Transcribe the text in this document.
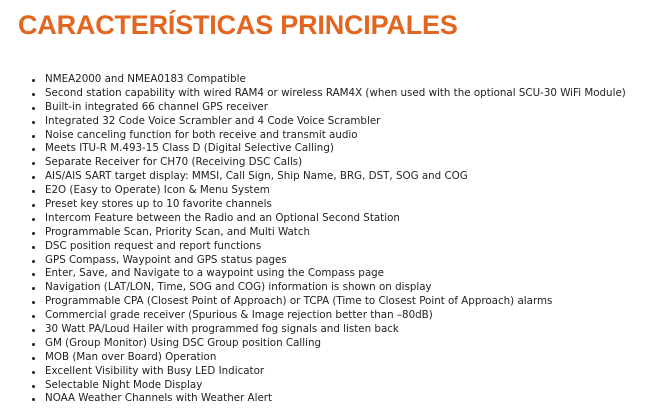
CARACTERÍSTICAS PRINCIPALES
NMEA2000 and NMEA0183 Compatible
Second station capability with wired RAM4 or wireless RAM4X (when used with the optional SCU-30 WiFi Module)
Built-in integrated 66 channel GPS receiver
Integrated 32 Code Voice Scrambler and 4 Code Voice Scrambler
Noise canceling function for both receive and transmit audio
Meets ITU-R M.493-15 Class D (Digital Selective Calling)
Separate Receiver for CH70 (Receiving DSC Calls)
AIS/AIS SART target display: MMSI, Call Sign, Ship Name, BRG, DST, SOG and COG
E2O (Easy to Operate) Icon & Menu System
Preset key stores up to 10 favorite channels
Intercom Feature between the Radio and an Optional Second Station
Programmable Scan, Priority Scan, and Multi Watch
DSC position request and report functions
GPS Compass, Waypoint and GPS status pages
Enter, Save, and Navigate to a waypoint using the Compass page
Navigation (LAT/LON, Time, SOG and COG) information is shown on display
Programmable CPA (Closest Point of Approach) or TCPA (Time to Closest Point of Approach) alarms
Commercial grade receiver (Spurious & Image rejection better than –80dB)
30 Watt PA/Loud Hailer with programmed fog signals and listen back
GM (Group Monitor) Using DSC Group position Calling
MOB (Man over Board) Operation
Excellent Visibility with Busy LED Indicator
Selectable Night Mode Display
NOAA Weather Channels with Weather Alert
